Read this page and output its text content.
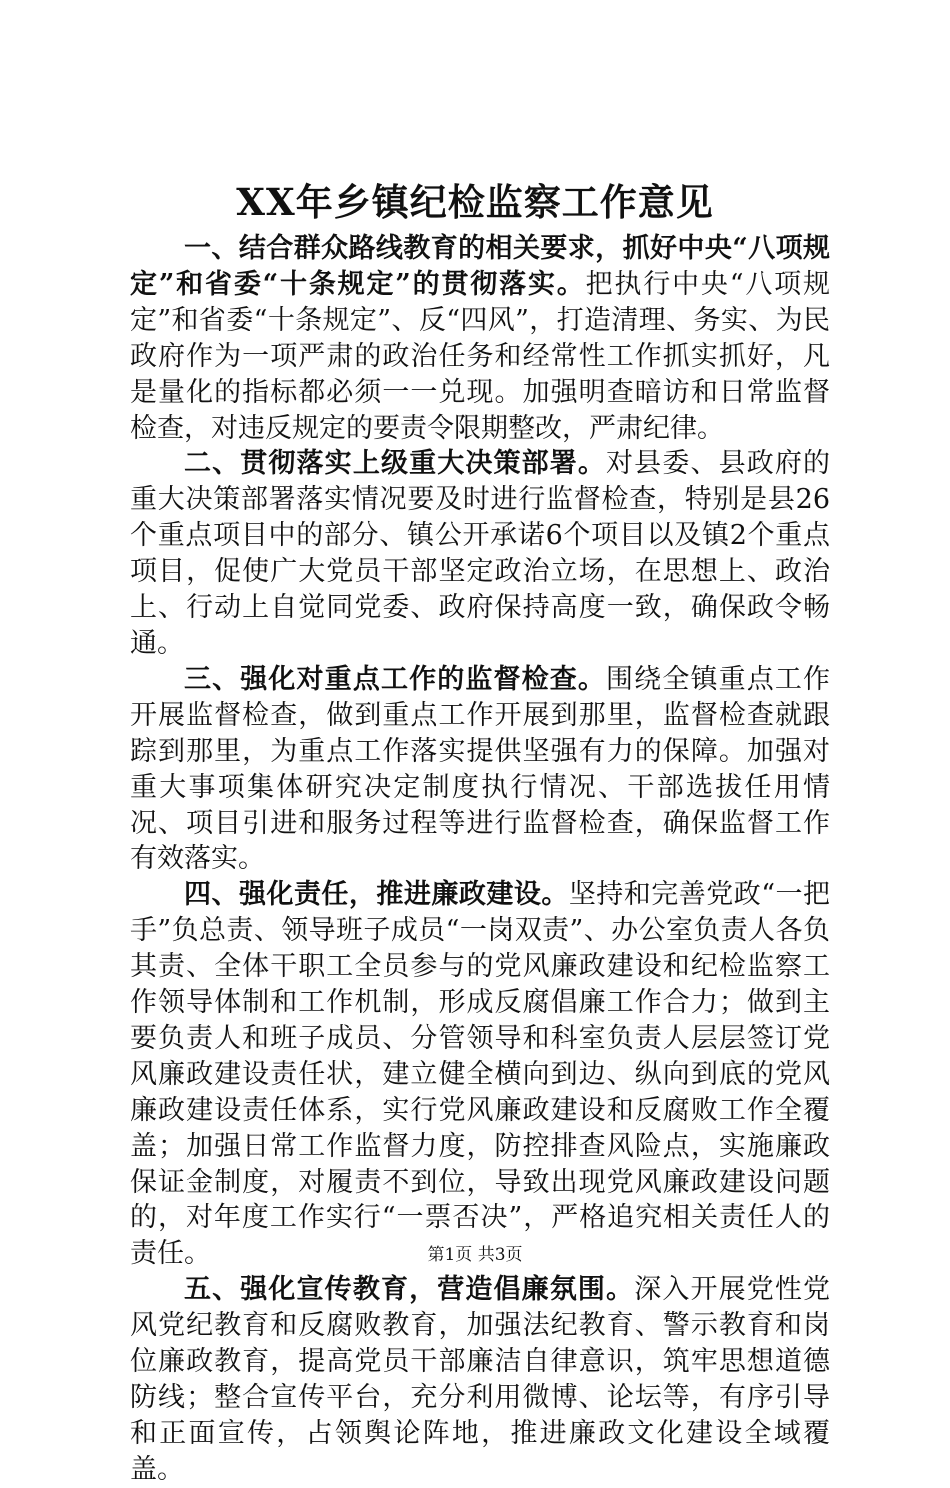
XX年乡镇纪检监察工作意见

一、结合群众路线教育的相关要求，抓好中央“八项规定”和省委“十条规定”的贯彻落实。把执行中央“八项规定”和省委“十条规定”、反“四风”，打造清理、务实、为民政府作为一项严肃的政治任务和经常性工作抓实抓好，凡是量化的指标都必须一一兑现。加强明查暗访和日常监督检查，对违反规定的要责令限期整改，严肃纪律。

二、贯彻落实上级重大决策部署。对县委、县政府的重大决策部署落实情况要及时进行监督检查，特别是县26个重点项目中的部分、镇公开承诺6个项目以及镇2个重点项目，促使广大党员干部坚定政治立场，在思想上、政治上、行动上自觉同党委、政府保持高度一致，确保政令畅通。

三、强化对重点工作的监督检查。围绕全镇重点工作开展监督检查，做到重点工作开展到那里，监督检查就跟踪到那里，为重点工作落实提供坚强有力的保障。加强对重大事项集体研究决定制度执行情况、干部选拔任用情况、项目引进和服务过程等进行监督检查，确保监督工作有效落实。

四、强化责任，推进廉政建设。坚持和完善党政“一把手”负总责、领导班子成员“一岗双责”、办公室负责人各负其责、全体干职工全员参与的党风廉政建设和纪检监察工作领导体制和工作机制，形成反腐倡廉工作合力；做到主要负责人和班子成员、分管领导和科室负责人层层签订党风廉政建设责任状，建立健全横向到边、纵向到底的党风廉政建设责任体系，实行党风廉政建设和反腐败工作全覆盖；加强日常工作监督力度，防控排查风险点，实施廉政保证金制度，对履责不到位，导致出现党风廉政建设问题的，对年度工作实行“一票否决”，严格追究相关责任人的责任。

五、强化宣传教育，营造倡廉氛围。深入开展党性党风党纪教育和反腐败教育，加强法纪教育、警示教育和岗位廉政教育，提高党员干部廉洁自律意识，筑牢思想道德防线；整合宣传平台，充分利用微博、论坛等，有序引导和正面宣传，占领舆论阵地，推进廉政文化建设全域覆盖。

第1页 共3页
